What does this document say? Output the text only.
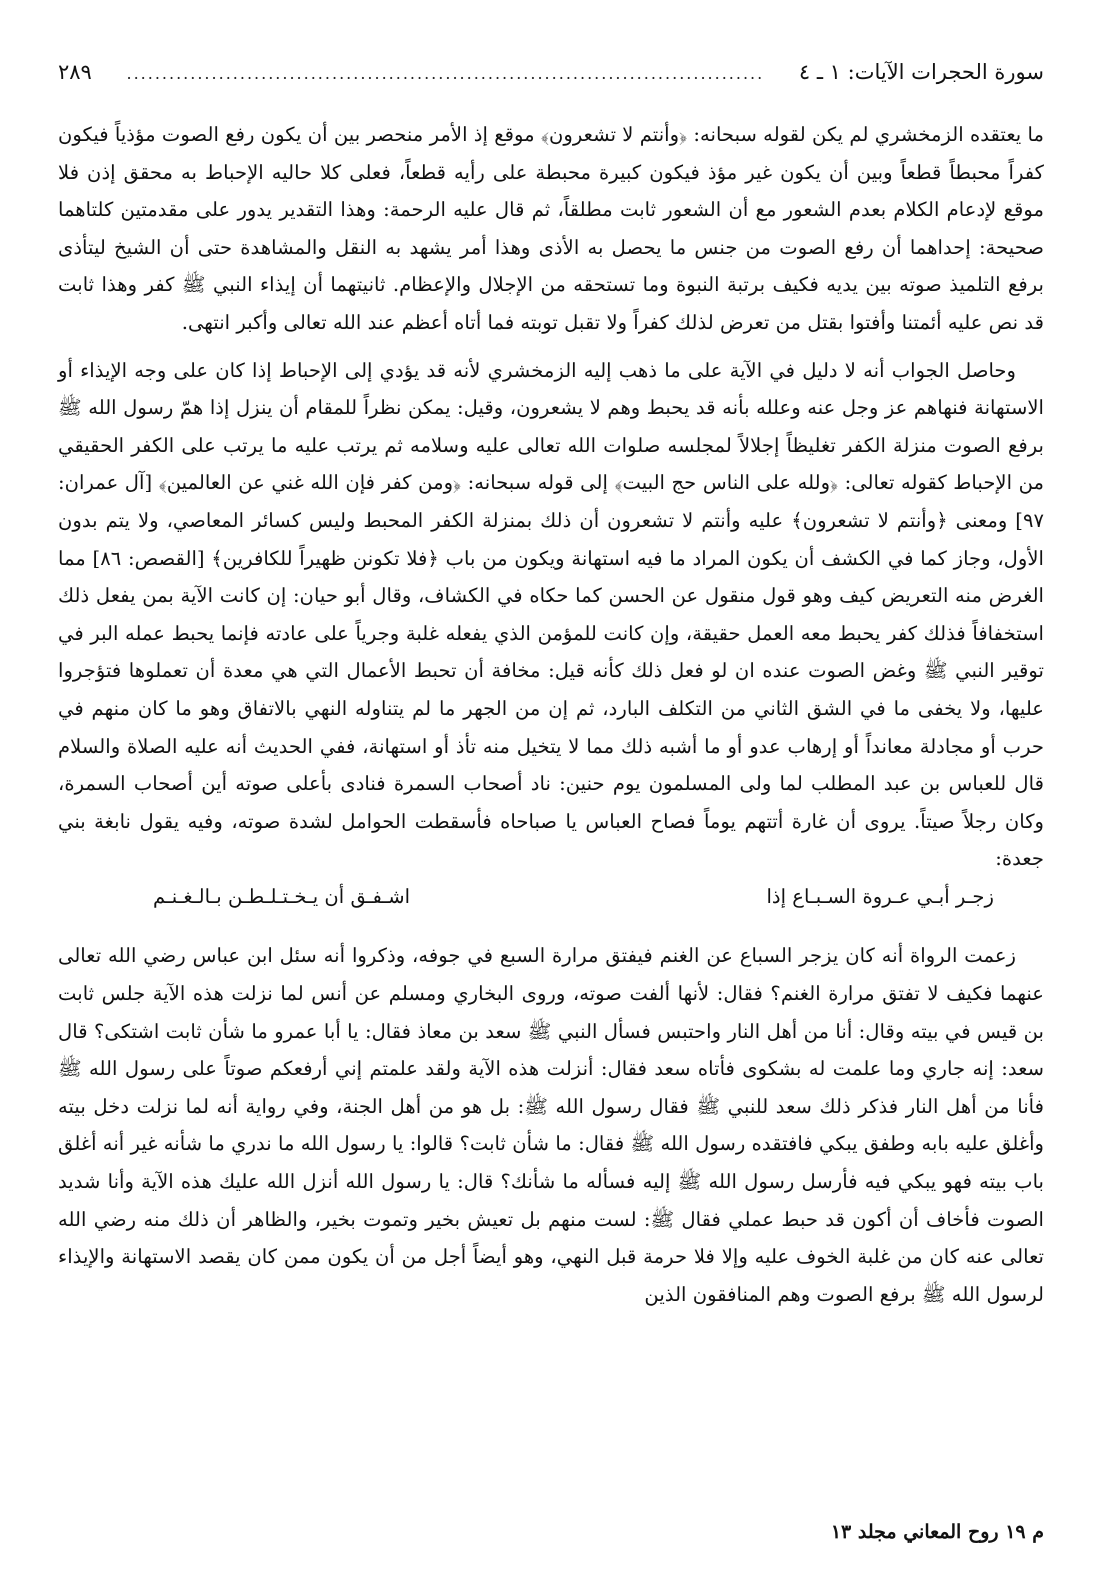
سورة الحجرات الآيات: ١ ـ ٤
..........................................................................................
٢٨٩

ما يعتقده الزمخشري لم يكن لقوله سبحانه: ﴿وأنتم لا تشعرون﴾ موقع إذ الأمر منحصر بين أن يكون رفع الصوت مؤذياً فيكون كفراً محبطاً قطعاً وبين أن يكون غير مؤذ فيكون كبيرة محبطة على رأيه قطعاً، فعلى كلا حاليه الإحباط به محقق إذن فلا موقع لإدعام الكلام بعدم الشعور مع أن الشعور ثابت مطلقاً، ثم قال عليه الرحمة: وهذا التقدير يدور على مقدمتين كلتاهما صحيحة: إحداهما أن رفع الصوت من جنس ما يحصل به الأذى وهذا أمر يشهد به النقل والمشاهدة حتى أن الشيخ ليتأذى برفع التلميذ صوته بين يديه فكيف برتبة النبوة وما تستحقه من الإجلال والإعظام. ثانيتهما أن إيذاء النبي ﷺ كفر وهذا ثابت قد نص عليه أئمتنا وأفتوا بقتل من تعرض لذلك كفراً ولا تقبل توبته فما أتاه أعظم عند الله تعالى وأكبر انتهى.

وحاصل الجواب أنه لا دليل في الآية على ما ذهب إليه الزمخشري لأنه قد يؤدي إلى الإحباط إذا كان على وجه الإيذاء أو الاستهانة فنهاهم عز وجل عنه وعلله بأنه قد يحبط وهم لا يشعرون، وقيل: يمكن نظراً للمقام أن ينزل إذا همّ رسول الله ﷺ برفع الصوت منزلة الكفر تغليظاً إجلالاً لمجلسه صلوات الله تعالى عليه وسلامه ثم يرتب عليه ما يرتب على الكفر الحقيقي من الإحباط كقوله تعالى: ﴿ولله على الناس حج البيت﴾ إلى قوله سبحانه: ﴿ومن كفر فإن الله غني عن العالمين﴾ [آل عمران: ٩٧] ومعنى ﴿وأنتم لا تشعرون﴾ عليه وأنتم لا تشعرون أن ذلك بمنزلة الكفر المحبط وليس كسائر المعاصي، ولا يتم بدون الأول، وجاز كما في الكشف أن يكون المراد ما فيه استهانة ويكون من باب ﴿فلا تكونن ظهيراً للكافرين﴾ [القصص: ٨٦] مما الغرض منه التعريض كيف وهو قول منقول عن الحسن كما حكاه في الكشاف، وقال أبو حيان: إن كانت الآية بمن يفعل ذلك استخفافاً فذلك كفر يحبط معه العمل حقيقة، وإن كانت للمؤمن الذي يفعله غلبة وجرياً على عادته فإنما يحبط عمله البر في توقير النبي ﷺ وغض الصوت عنده ان لو فعل ذلك كأنه قيل: مخافة أن تحبط الأعمال التي هي معدة أن تعملوها فتؤجروا عليها، ولا يخفى ما في الشق الثاني من التكلف البارد، ثم إن من الجهر ما لم يتناوله النهي بالاتفاق وهو ما كان منهم في حرب أو مجادلة معانداً أو إرهاب عدو أو ما أشبه ذلك مما لا يتخيل منه تأذ أو استهانة، ففي الحديث أنه عليه الصلاة والسلام قال للعباس بن عبد المطلب لما ولى المسلمون يوم حنين: ناد أصحاب السمرة فنادى بأعلى صوته أين أصحاب السمرة، وكان رجلاً صيتاً. يروى أن غارة أتتهم يوماً فصاح العباس يا صباحاه فأسقطت الحوامل لشدة صوته، وفيه يقول نابغة بني جعدة:

زجـر أبـي عـروة السـبـاع إذا
اشـفـق أن يـخـتـلـطـن بـالـغـنـم

زعمت الرواة أنه كان يزجر السباع عن الغنم فيفتق مرارة السبع في جوفه، وذكروا أنه سئل ابن عباس رضي الله تعالى عنهما فكيف لا تفتق مرارة الغنم؟ فقال: لأنها ألفت صوته، وروى البخاري ومسلم عن أنس لما نزلت هذه الآية جلس ثابت بن قيس في بيته وقال: أنا من أهل النار واحتبس فسأل النبي ﷺ سعد بن معاذ فقال: يا أبا عمرو ما شأن ثابت اشتكى؟ قال سعد: إنه جاري وما علمت له بشكوى فأتاه سعد فقال: أنزلت هذه الآية ولقد علمتم إني أرفعكم صوتاً على رسول الله ﷺ فأنا من أهل النار فذكر ذلك سعد للنبي ﷺ فقال رسول الله ﷺ: بل هو من أهل الجنة، وفي رواية أنه لما نزلت دخل بيته وأغلق عليه بابه وطفق يبكي فافتقده رسول الله ﷺ فقال: ما شأن ثابت؟ قالوا: يا رسول الله ما ندري ما شأنه غير أنه أغلق باب بيته فهو يبكي فيه فأرسل رسول الله ﷺ إليه فسأله ما شأنك؟ قال: يا رسول الله أنزل الله عليك هذه الآية وأنا شديد الصوت فأخاف أن أكون قد حبط عملي فقال ﷺ: لست منهم بل تعيش بخير وتموت بخير، والظاهر أن ذلك منه رضي الله تعالى عنه كان من غلبة الخوف عليه وإلا فلا حرمة قبل النهي، وهو أيضاً أجل من أن يكون ممن كان يقصد الاستهانة والإيذاء لرسول الله ﷺ برفع الصوت وهم المنافقون الذين

م ١٩ روح المعاني مجلد ١٣
